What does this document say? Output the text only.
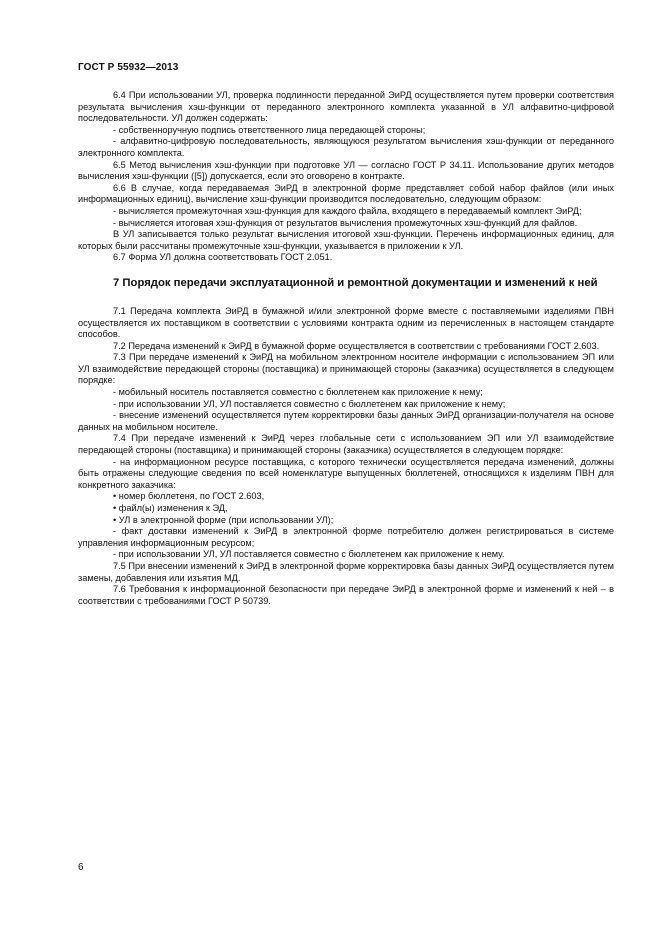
ГОСТ Р 55932—2013

6.4 При использовании УЛ, проверка подлинности переданной ЭиРД осуществляется путем проверки соответствия результата вычисления хэш-функции от переданного электронного комплекта указанной в УЛ алфавитно-цифровой последовательности. УЛ должен содержать:

- собственноручную подпись ответственного лица передающей стороны;

- алфавитно-цифровую последовательность, являющуюся результатом вычисления хэш-функции от переданного электронного комплекта.

6.5 Метод вычисления хэш-функции при подготовке УЛ — согласно ГОСТ Р 34.11. Использование других методов вычисления хэш-функции ([5]) допускается, если это оговорено в контракте.

6.6 В случае, когда передаваемая ЭиРД в электронной форме представляет собой набор файлов (или иных информационных единиц), вычисление хэш-функции производится последовательно, следующим образом:

- вычисляется промежуточная хэш-функция для каждого файла, входящего в передаваемый комплект ЭиРД;

- вычисляется итоговая хэш-функция от результатов вычисления промежуточных хэш-функций для файлов.

В УЛ записывается только результат вычисления итоговой хэш-функции. Перечень информационных единиц, для которых были рассчитаны промежуточные хэш-функции, указывается в приложении к УЛ.

6.7 Форма УЛ должна соответствовать ГОСТ 2.051.

7 Порядок передачи эксплуатационной и ремонтной документации и изменений к ней

7.1 Передача комплекта ЭиРД в бумажной и/или электронной форме вместе с поставляемыми изделиями ПВН осуществляется их поставщиком в соответствии с условиями контракта одним из перечисленных в настоящем стандарте способов.

7.2 Передача изменений к ЭиРД в бумажной форме осуществляется в соответствии с требованиями ГОСТ 2.603.

7.3 При передаче изменений к ЭиРД на мобильном электронном носителе информации с использованием ЭП или УЛ взаимодействие передающей стороны (поставщика) и принимающей стороны (заказчика) осуществляется в следующем порядке:

- мобильный носитель поставляется совместно с бюллетенем как приложение к нему;

- при использовании УЛ, УЛ поставляется совместно с бюллетенем как приложение к нему;

- внесение изменений осуществляется путем корректировки базы данных ЭиРД организации-получателя на основе данных на мобильном носителе.

7.4 При передаче изменений к ЭиРД через глобальные сети с использованием ЭП или УЛ взаимодействие передающей стороны (поставщика) и принимающей стороны (заказчика) осуществляется в следующем порядке:

- на информационном ресурсе поставщика, с которого технически осуществляется передача изменений, должны быть отражены следующие сведения по всей номенклатуре выпущенных бюллетеней, относящихся к изделиям ПВН для конкретного заказчика:

• номер бюллетеня, по ГОСТ 2.603,

• файл(ы) изменения к ЭД,

• УЛ в электронной форме (при использовании УЛ);

- факт доставки изменений к ЭиРД в электронной форме потребителю должен регистрироваться в системе управления информационным ресурсом;

- при использовании УЛ, УЛ поставляется совместно с бюллетенем как приложение к нему.

7.5 При внесении изменений к ЭиРД в электронной форме корректировка базы данных ЭиРД осуществляется путем замены, добавления или изъятия МД.

7.6 Требования к информационной безопасности при передаче ЭиРД в электронной форме и изменений к ней – в соответствии с требованиями ГОСТ Р 50739.

6
